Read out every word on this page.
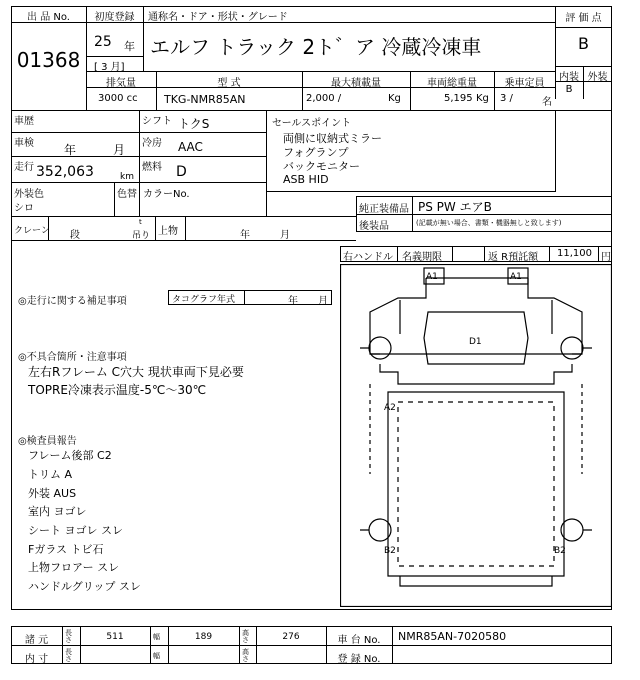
出 品 No.
01368
初度登録
25 年
[ 3 月]
通称名・ドア・形状・グレード
エルフ トラック 2ト゛ア 冷蔵冷凍車
評 価 点
B
内装 外装
B
排気量
3000 cc
型 式
TKG-NMR85AN
最大積載量
2,000 /	Kg
車両総重量
5,195 Kg
乗車定員
3 /	名
車歴	シフト トクS
車検	年	月 冷房 AAC
走行 352,063	km
燃料 D
外装色
シロ
色替 カラーNo.
クレーン 段
t
吊り 上物	年	月
セールスポイント
両側に収納式ミラー
フォグランプ
バックモニター
ASB HID
純正装備品 PS PW エアB
後装品	(記載が無い場合、書類・機器無しと致します)
右ハンドル 名義期限	返 R預託額 11,100 円
◎走行に関する補足事項	タコグラフ年式	年 月
◎不具合箇所・注意事項
左右Rフレーム C穴大 現状車両下見必要
TOPRE冷凍表示温度-5℃～30℃
◎検査員報告
フレーム後部 C2
トリム A
外装 AUS
室内 ヨゴレ
シート ヨゴレ スレ
Fガラス トビ石
上物フロアー スレ
ハンドルグリップ スレ
A1	A1
D1
A2
B2	B2
諸 元
長さ	511	幅	189	高さ	276	車 台 No.	NMR85AN-7020580
内 寸
長さ	幅	高さ	登 録 No.
